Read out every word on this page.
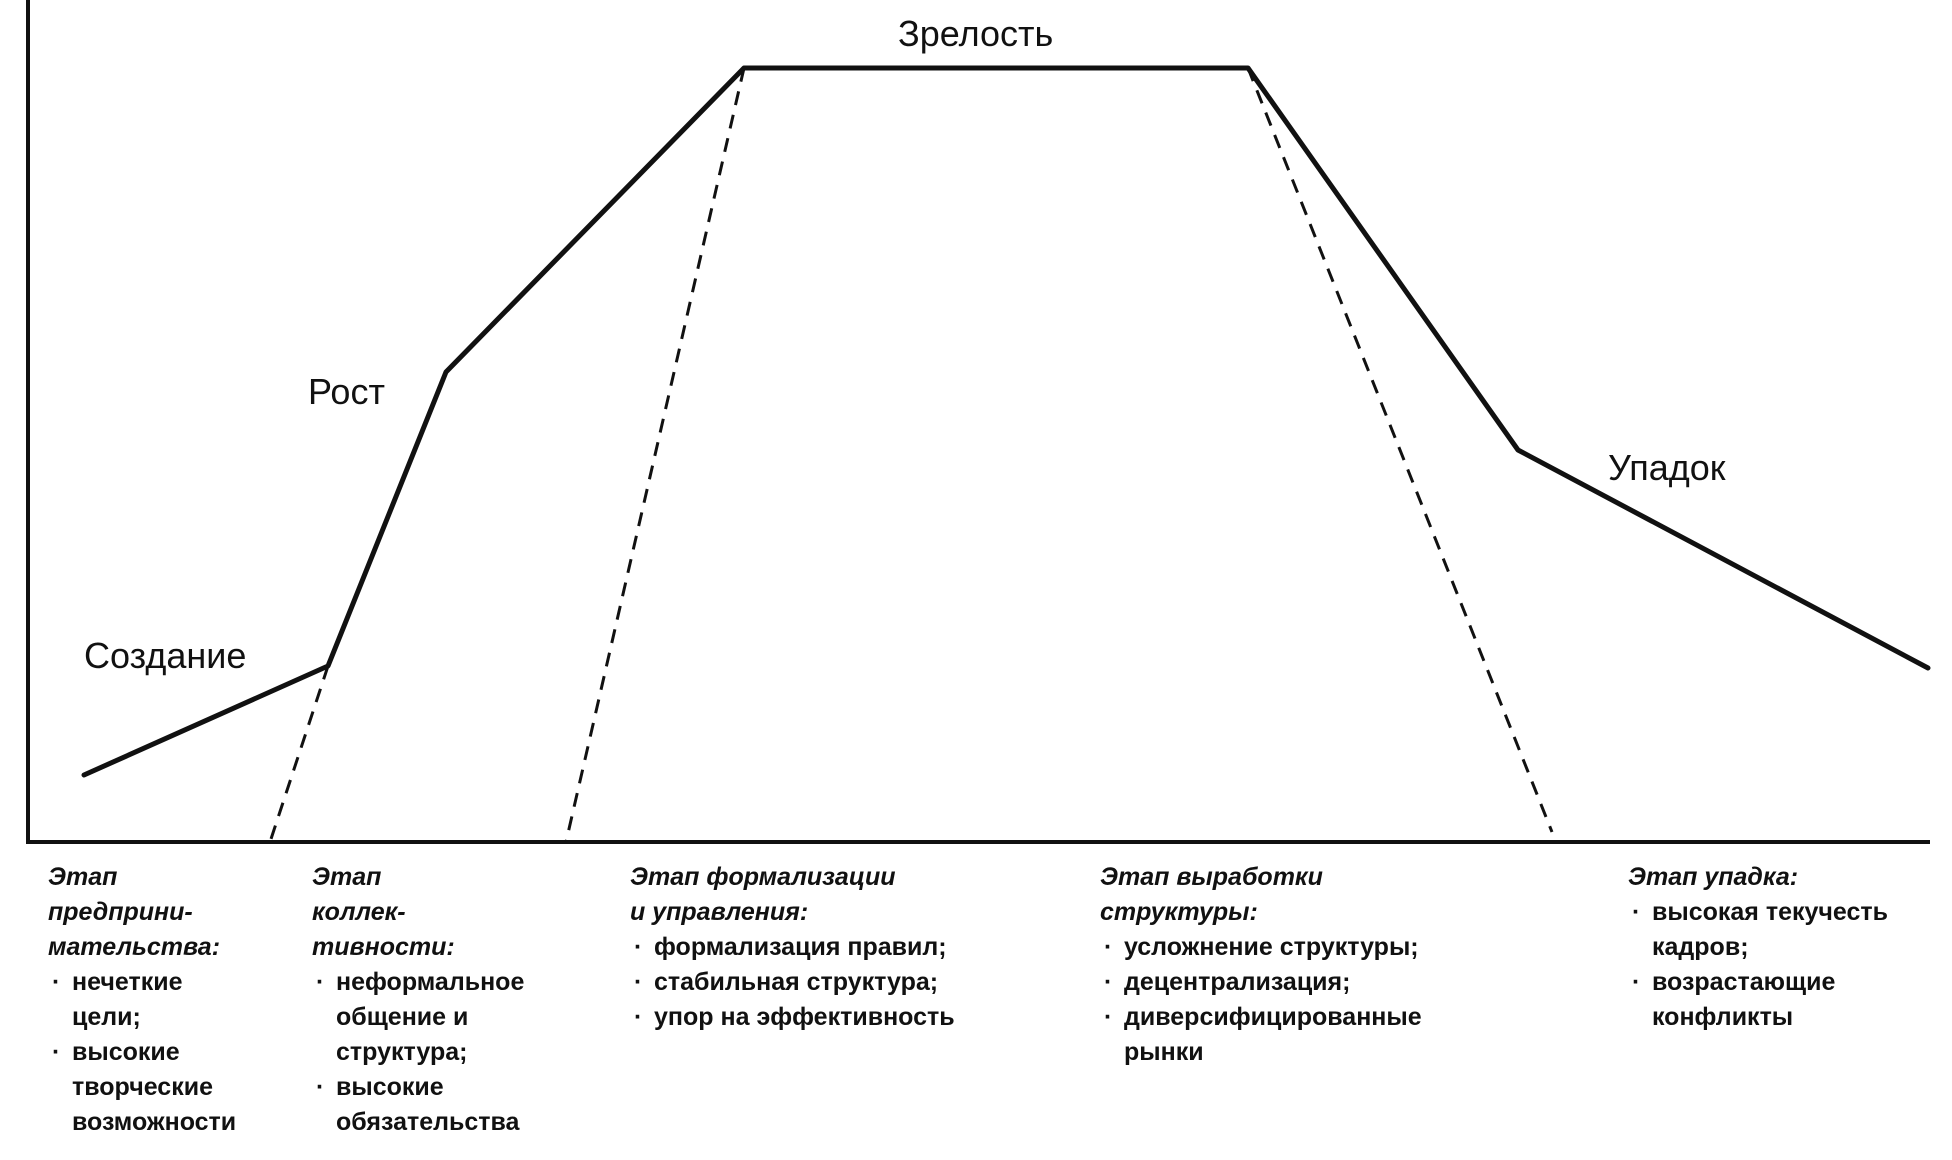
Создание
Рост
Зрелость
Упадок
Этап
предприни-
мательства:
· нечеткие
цели;
· высокие
творческие
возможности
Этап
коллек-
тивности:
· неформальное
общение и
структура;
· высокие
обязательства
Этап формализации
и управления:
· формализация правил;
· стабильная структура;
· упор на эффективность
Этап выработки
структуры:
· усложнение структуры;
· децентрализация;
· диверсифицированные
рынки
Этап упадка:
· высокая текучесть
кадров;
· возрастающие
конфликты
